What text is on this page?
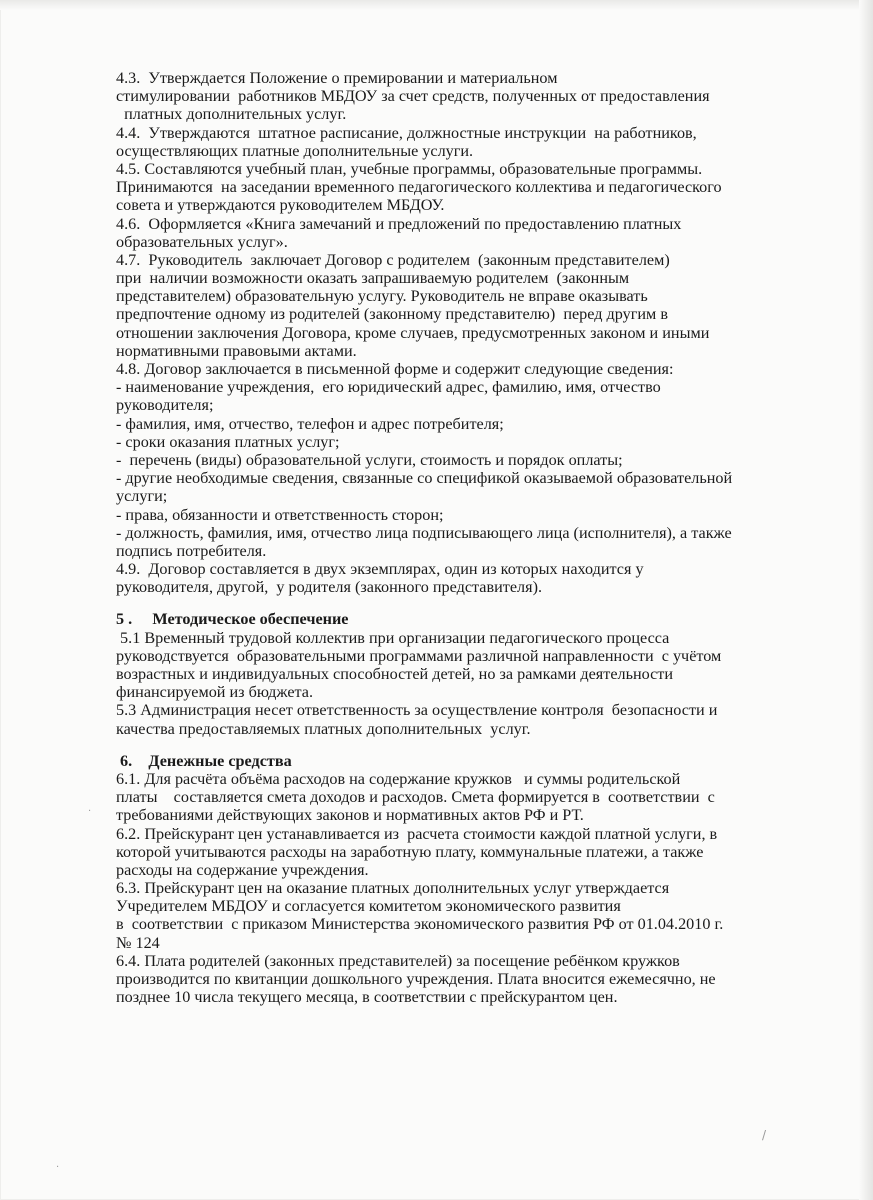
4.3.  Утверждается Положение о премировании и материальном
стимулировании  работников МБДОУ за счет средств, полученных от предоставления
платных дополнительных услуг.
4.4.  Утверждаются  штатное расписание, должностные инструкции  на работников,
осуществляющих платные дополнительные услуги.
4.5. Составляются учебный план, учебные программы, образовательные программы.
Принимаются  на заседании временного педагогического коллектива и педагогического
совета и утверждаются руководителем МБДОУ.
4.6.  Оформляется «Книга замечаний и предложений по предоставлению платных
образовательных услуг».
4.7.  Руководитель  заключает Договор с родителем  (законным представителем)
при  наличии возможности оказать запрашиваемую родителем  (законным
представителем) образовательную услугу. Руководитель не вправе оказывать
предпочтение одному из родителей (законному представителю)  перед другим в
отношении заключения Договора, кроме случаев, предусмотренных законом и иными
нормативными правовыми актами.
4.8. Договор заключается в письменной форме и содержит следующие сведения:
- наименование учреждения,  его юридический адрес, фамилию, имя, отчество
руководителя;
- фамилия, имя, отчество, телефон и адрес потребителя;
- сроки оказания платных услуг;
-  перечень (виды) образовательной услуги, стоимость и порядок оплаты;
- другие необходимые сведения, связанные со спецификой оказываемой образовательной
услуги;
- права, обязанности и ответственность сторон;
- должность, фамилия, имя, отчество лица подписывающего лица (исполнителя), а также
подпись потребителя.
4.9.  Договор составляется в двух экземплярах, один из которых находится у
руководителя, другой,  у родителя (законного представителя).
5 .     Методическое обеспечение
5.1 Временный трудовой коллектив при организации педагогического процесса
руководствуется  образовательными программами различной направленности  с учётом
возрастных и индивидуальных способностей детей, но за рамками деятельности
финансируемой из бюджета.
5.3 Администрация несет ответственность за осуществление контроля  безопасности и
качества предоставляемых платных дополнительных  услуг.
6.    Денежные средства
6.1. Для расчёта объёма расходов на содержание кружков   и суммы родительской
платы    составляется смета доходов и расходов. Смета формируется в  соответствии  с
требованиями действующих законов и нормативных актов РФ и РТ.
6.2. Прейскурант цен устанавливается из  расчета стоимости каждой платной услуги, в
которой учитываются расходы на заработную плату, коммунальные платежи, а также
расходы на содержание учреждения.
6.3. Прейскурант цен на оказание платных дополнительных услуг утверждается
Учредителем МБДОУ и согласуется комитетом экономического развития
в  соответствии  с приказом Министерства экономического развития РФ от 01.04.2010 г.
№ 124
6.4. Плата родителей (законных представителей) за посещение ребёнком кружков
производится по квитанции дошкольного учреждения. Плата вносится ежемесячно, не
позднее 10 числа текущего месяца, в соответствии с прейскурантом цен.
·
/
·
